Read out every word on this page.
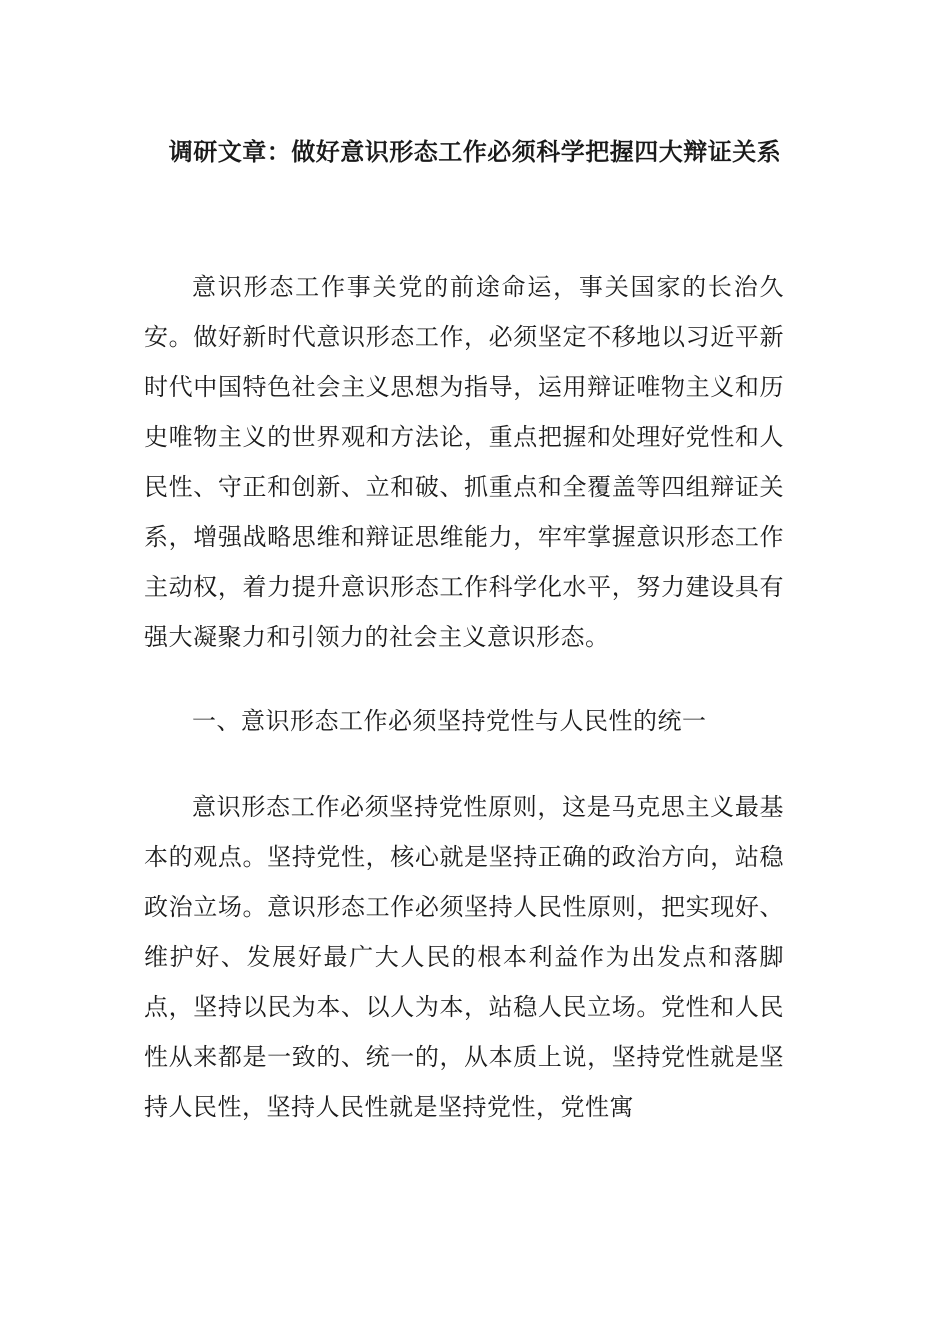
调研文章：做好意识形态工作必须科学把握四大辩证关系

意识形态工作事关党的前途命运，事关国家的长治久安。做好新时代意识形态工作，必须坚定不移地以习近平新时代中国特色社会主义思想为指导，运用辩证唯物主义和历史唯物主义的世界观和方法论，重点把握和处理好党性和人民性、守正和创新、立和破、抓重点和全覆盖等四组辩证关系，增强战略思维和辩证思维能力，牢牢掌握意识形态工作主动权，着力提升意识形态工作科学化水平，努力建设具有强大凝聚力和引领力的社会主义意识形态。

一、意识形态工作必须坚持党性与人民性的统一

意识形态工作必须坚持党性原则，这是马克思主义最基本的观点。坚持党性，核心就是坚持正确的政治方向，站稳政治立场。意识形态工作必须坚持人民性原则，把实现好、维护好、发展好最广大人民的根本利益作为出发点和落脚点，坚持以民为本、以人为本，站稳人民立场。党性和人民性从来都是一致的、统一的，从本质上说，坚持党性就是坚持人民性，坚持人民性就是坚持党性，党性寓
